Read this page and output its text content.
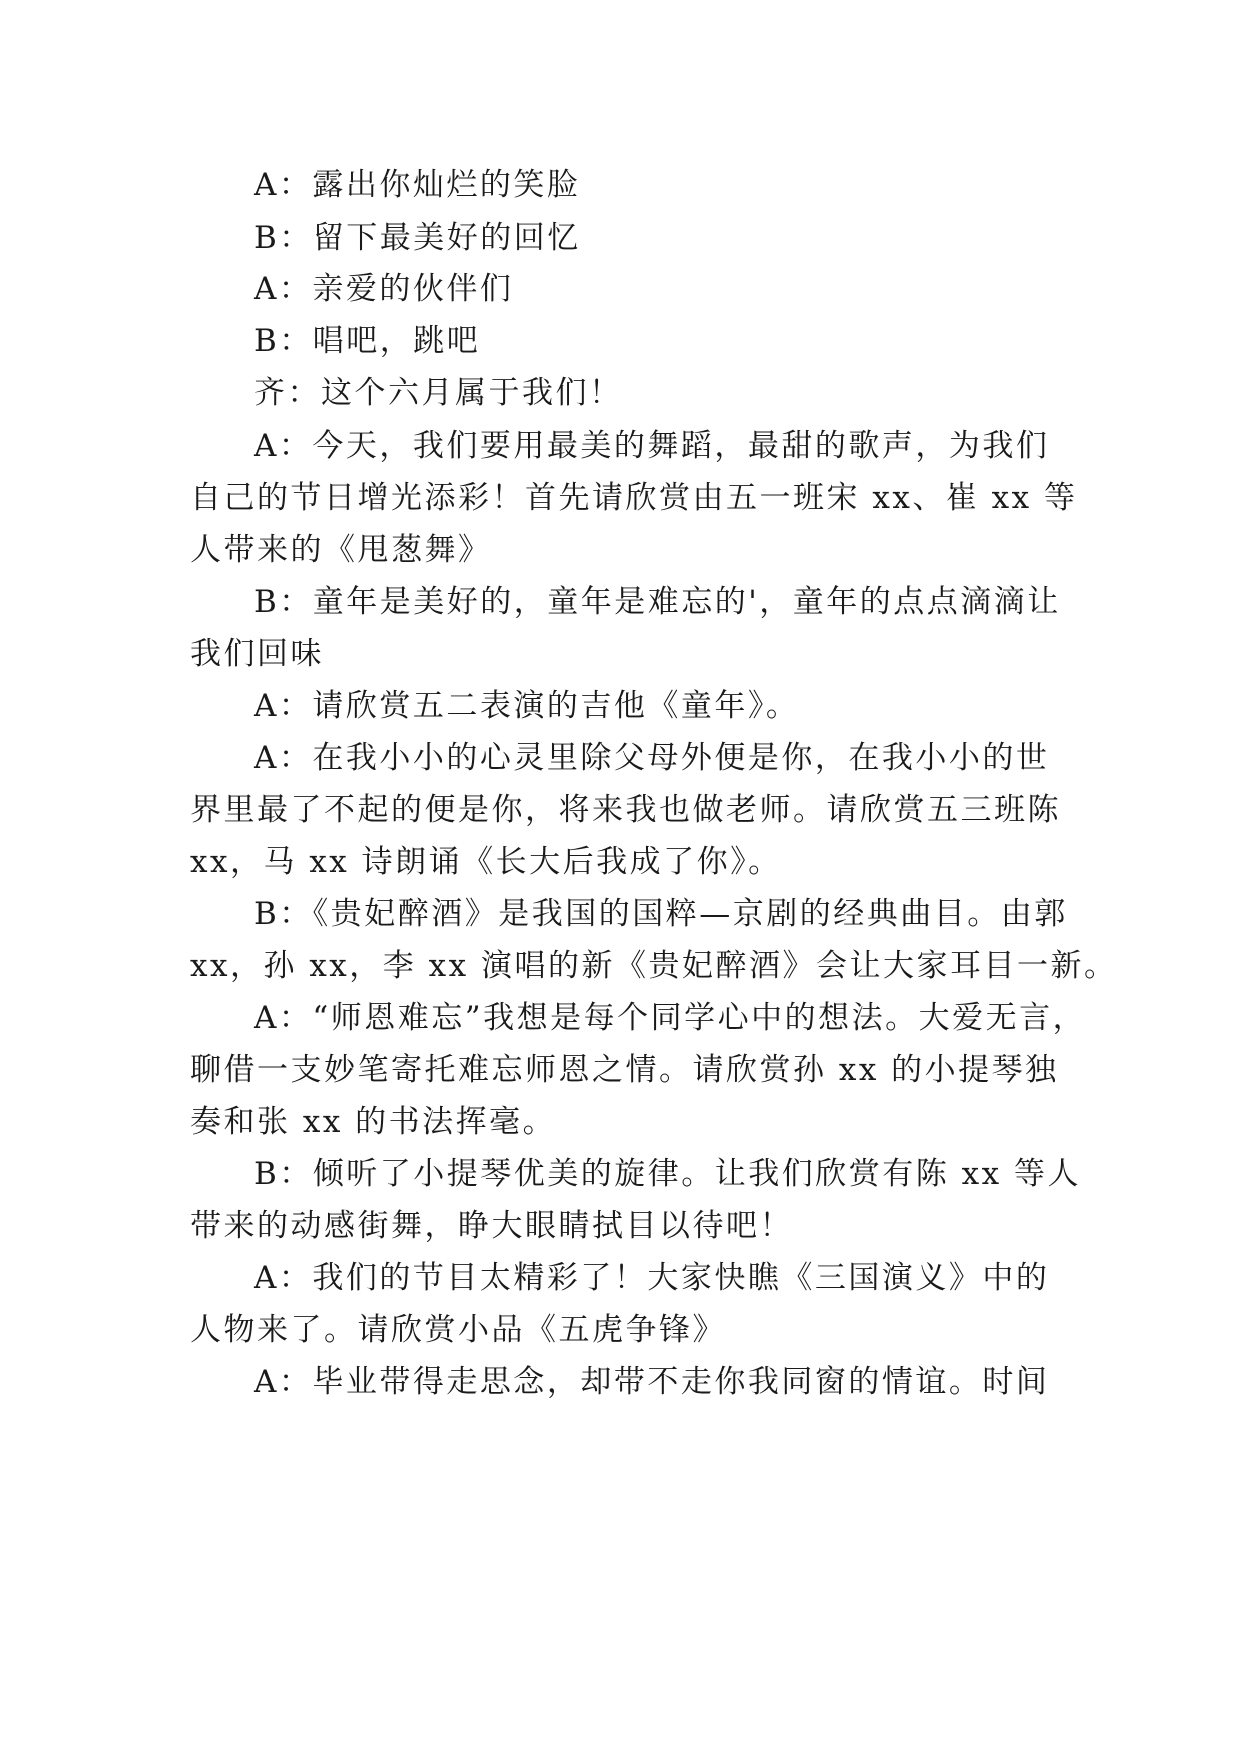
A：露出你灿烂的笑脸
B：留下最美好的回忆
A：亲爱的伙伴们
B：唱吧，跳吧
齐：这个六月属于我们！
A：今天，我们要用最美的舞蹈，最甜的歌声，为我们
自己的节日增光添彩！首先请欣赏由五一班宋 xx、崔 xx 等
人带来的《甩葱舞》
B：童年是美好的，童年是难忘的'，童年的点点滴滴让
我们回味
A：请欣赏五二表演的吉他《童年》。
A：在我小小的心灵里除父母外便是你，在我小小的世
界里最了不起的便是你，将来我也做老师。请欣赏五三班陈
xx，马 xx 诗朗诵《长大后我成了你》。
B：《贵妃醉酒》是我国的国粹—京剧的经典曲目。由郭
xx，孙 xx，李 xx 演唱的新《贵妃醉酒》会让大家耳目一新。
A：“师恩难忘”我想是每个同学心中的想法。大爱无言，
聊借一支妙笔寄托难忘师恩之情。请欣赏孙 xx 的小提琴独
奏和张 xx 的书法挥毫。
B：倾听了小提琴优美的旋律。让我们欣赏有陈 xx 等人
带来的动感街舞，睁大眼睛拭目以待吧！
A：我们的节目太精彩了！大家快瞧《三国演义》中的
人物来了。请欣赏小品《五虎争锋》
A：毕业带得走思念，却带不走你我同窗的情谊。时间
